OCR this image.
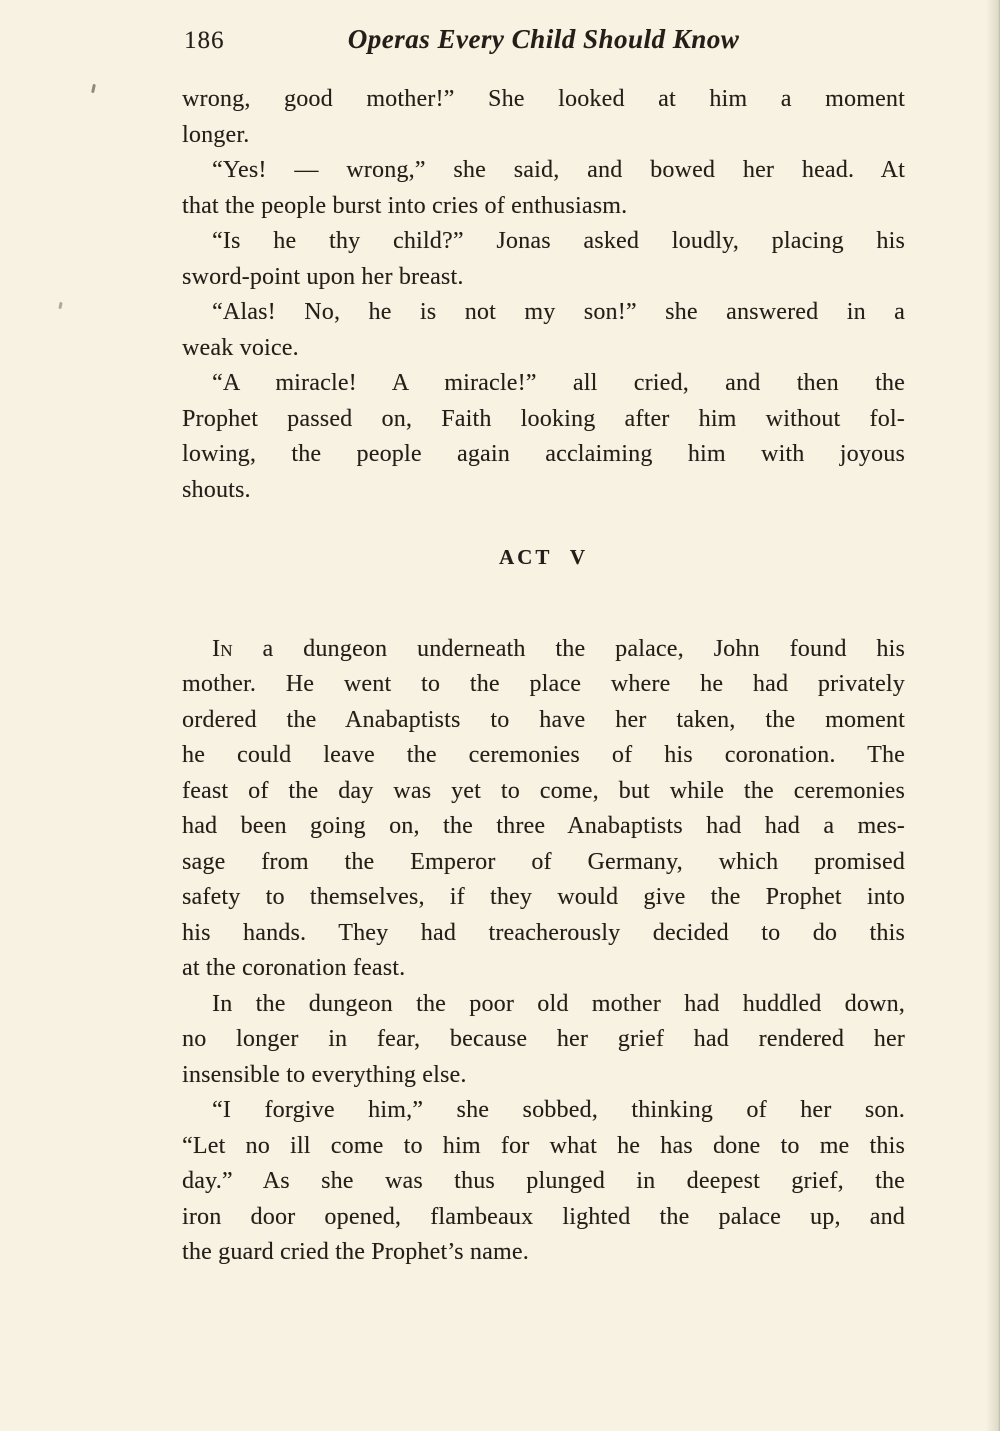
186	Operas Every Child Should Know
wrong, good mother!” She looked at him a moment
longer.
“Yes! — wrong,” she said, and bowed her head. At
that the people burst into cries of enthusiasm.
“Is he thy child?” Jonas asked loudly, placing his
sword-point upon her breast.
“Alas! No, he is not my son!” she answered in a
weak voice.
“A miracle! A miracle!” all cried, and then the
Prophet passed on, Faith looking after him without fol-
lowing, the people again acclaiming him with joyous
shouts.
ACT V
In a dungeon underneath the palace, John found his
mother. He went to the place where he had privately
ordered the Anabaptists to have her taken, the moment
he could leave the ceremonies of his coronation. The
feast of the day was yet to come, but while the ceremonies
had been going on, the three Anabaptists had had a mes-
sage from the Emperor of Germany, which promised
safety to themselves, if they would give the Prophet into
his hands. They had treacherously decided to do this
at the coronation feast.
In the dungeon the poor old mother had huddled down,
no longer in fear, because her grief had rendered her
insensible to everything else.
“I forgive him,” she sobbed, thinking of her son.
“Let no ill come to him for what he has done to me this
day.” As she was thus plunged in deepest grief, the
iron door opened, flambeaux lighted the palace up, and
the guard cried the Prophet’s name.
